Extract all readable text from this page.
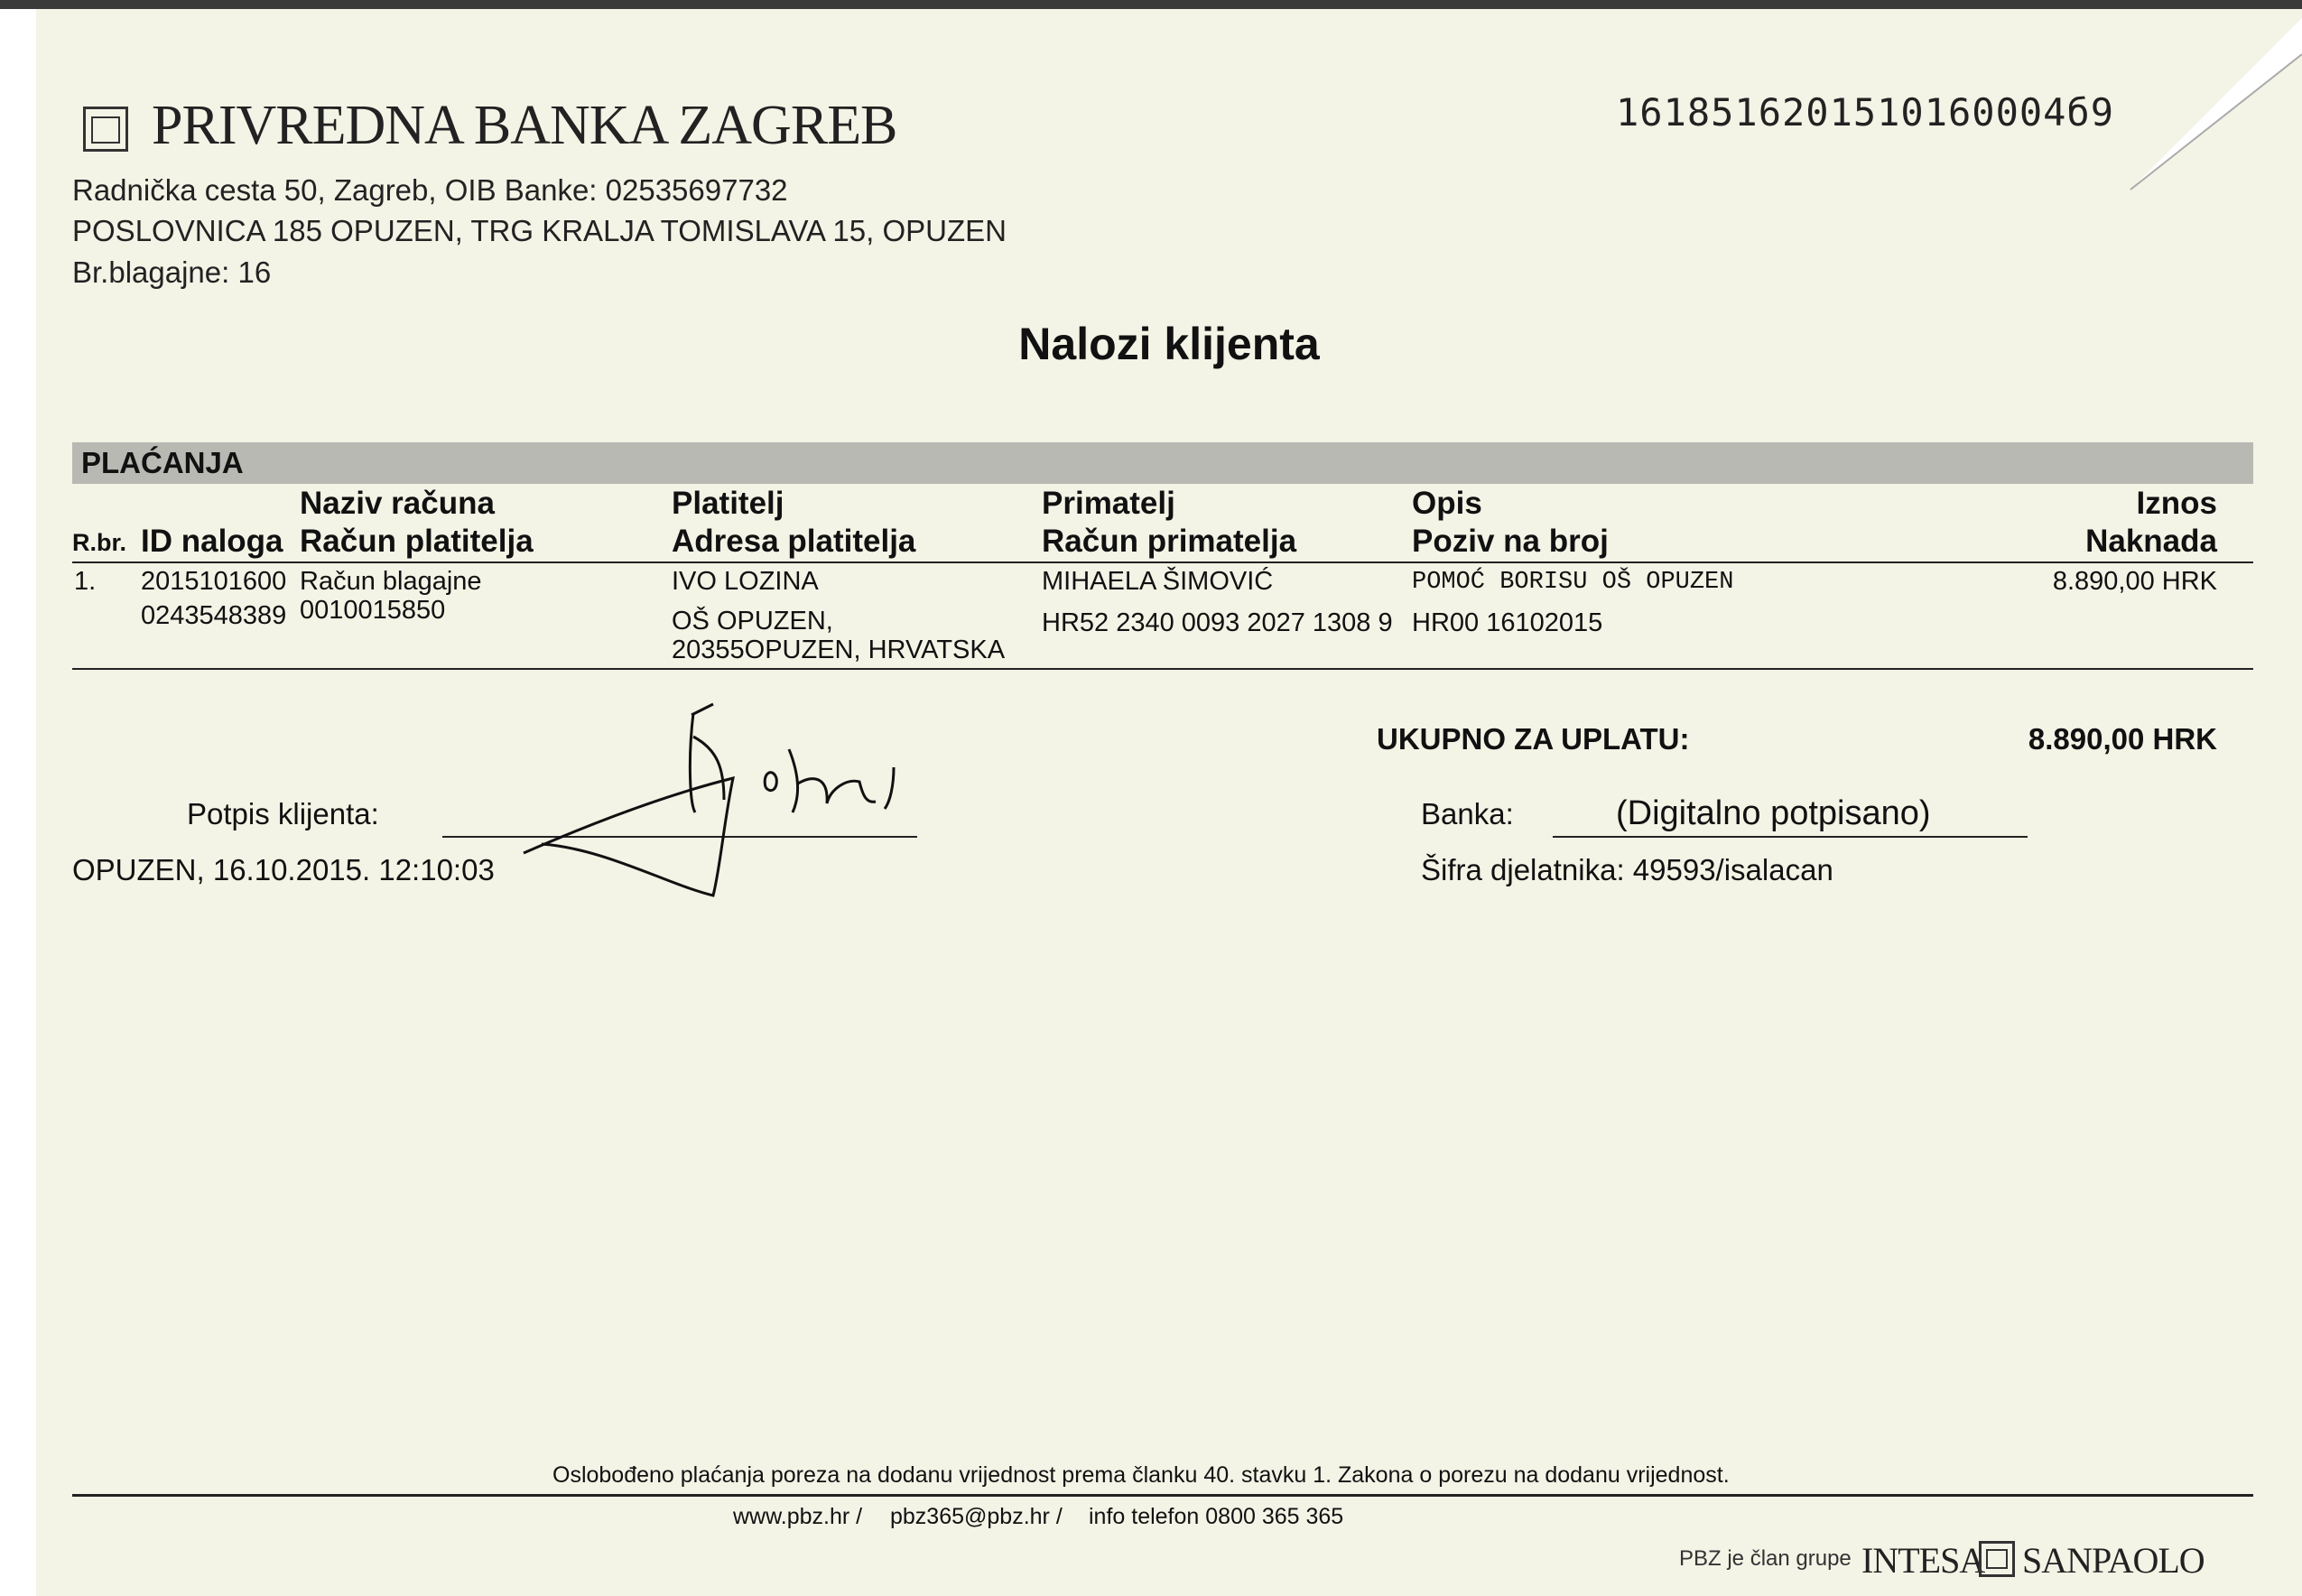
PRIVREDNA BANKA ZAGREB
Radnička cesta 50, Zagreb, OIB Banke: 02535697732
POSLOVNICA 185 OPUZEN, TRG KRALJA TOMISLAVA 15, OPUZEN
Br.blagajne: 16
1618516201510160004б9
Nalozi klijenta
PLAĆANJA
R.br. ID naloga
Naziv računa
Račun platitelja
Platitelj
Adresa platitelja
Primatelj
Račun primatelja
Opis
Poziv na broj
Iznos
Naknada
1. 2015101600
0243548389
Račun blagajne
0010015850
IVO LOZINA
OŠ OPUZEN,
20355OPUZEN, HRVATSKA
MIHAELA ŠIMOVIĆ
HR52 2340 0093 2027 1308 9
POMOĆ BORISU OŠ OPUZEN
HR00 16102015
8.890,00 HRK
UKUPNO ZA UPLATU:	8.890,00 HRK
Potpis klijenta:
OPUZEN, 16.10.2015. 12:10:03
Banka:	(Digitalno potpisano)
Šifra djelatnika: 49593/isalacan
Oslobođeno plaćanja poreza na dodanu vrijednost prema članku 40. stavku 1. Zakona o porezu na dodanu vrijednost.
www.pbz.hr / pbz365@pbz.hr / info telefon 0800 365 365
PBZ je član grupe INTESA SANPAOLO
